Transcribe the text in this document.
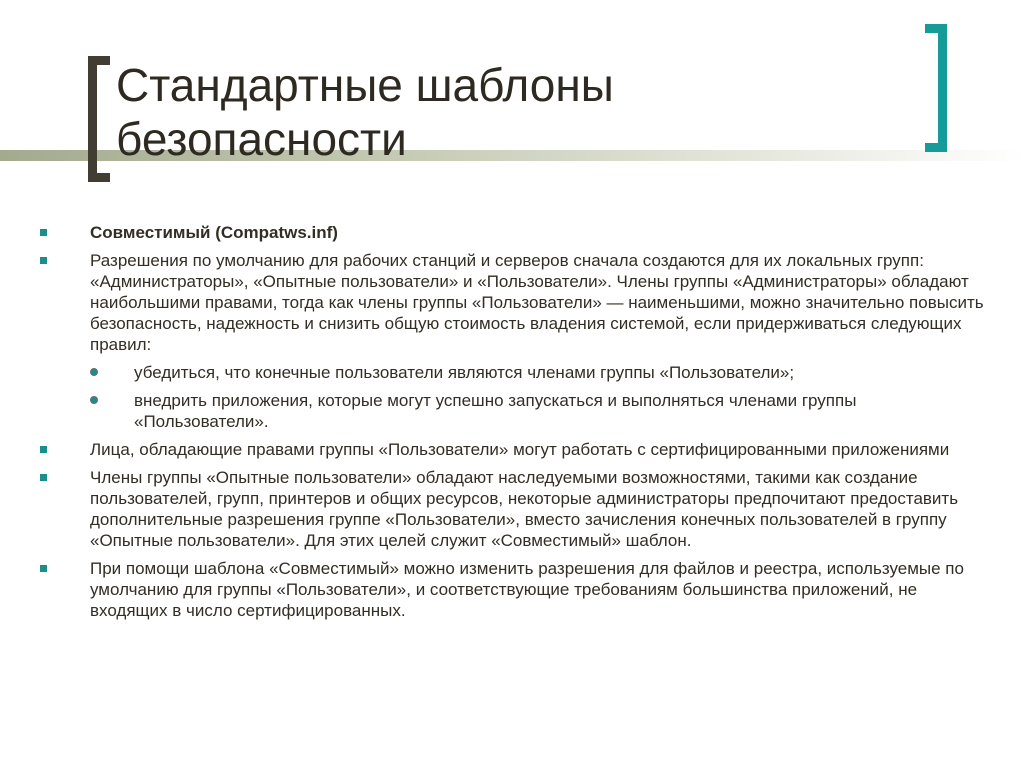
Стандартные шаблоны безопасности
Совместимый (Compatws.inf)
Разрешения по умолчанию для рабочих станций и серверов сначала создаются для их локальных групп: «Администраторы», «Опытные пользователи» и «Пользователи». Члены группы «Администраторы» обладают наибольшими правами, тогда как члены группы «Пользователи» — наименьшими, можно значительно повысить безопасность, надежность и снизить общую стоимость владения системой, если придерживаться следующих правил:
убедиться, что конечные пользователи являются членами группы «Пользователи»;
внедрить приложения, которые могут успешно запускаться и выполняться членами группы «Пользователи».
Лица, обладающие правами группы «Пользователи» могут работать с сертифицированными приложениями
Члены группы «Опытные пользователи» обладают наследуемыми возможностями, такими как создание пользователей, групп, принтеров и общих ресурсов, некоторые администраторы предпочитают предоставить дополнительные разрешения группе «Пользователи», вместо зачисления конечных пользователей в группу «Опытные пользователи». Для этих целей служит «Совместимый» шаблон.
При помощи шаблона «Совместимый» можно изменить разрешения для файлов и реестра, используемые по умолчанию для группы «Пользователи», и соответствующие требованиям большинства приложений, не входящих в число сертифицированных.
